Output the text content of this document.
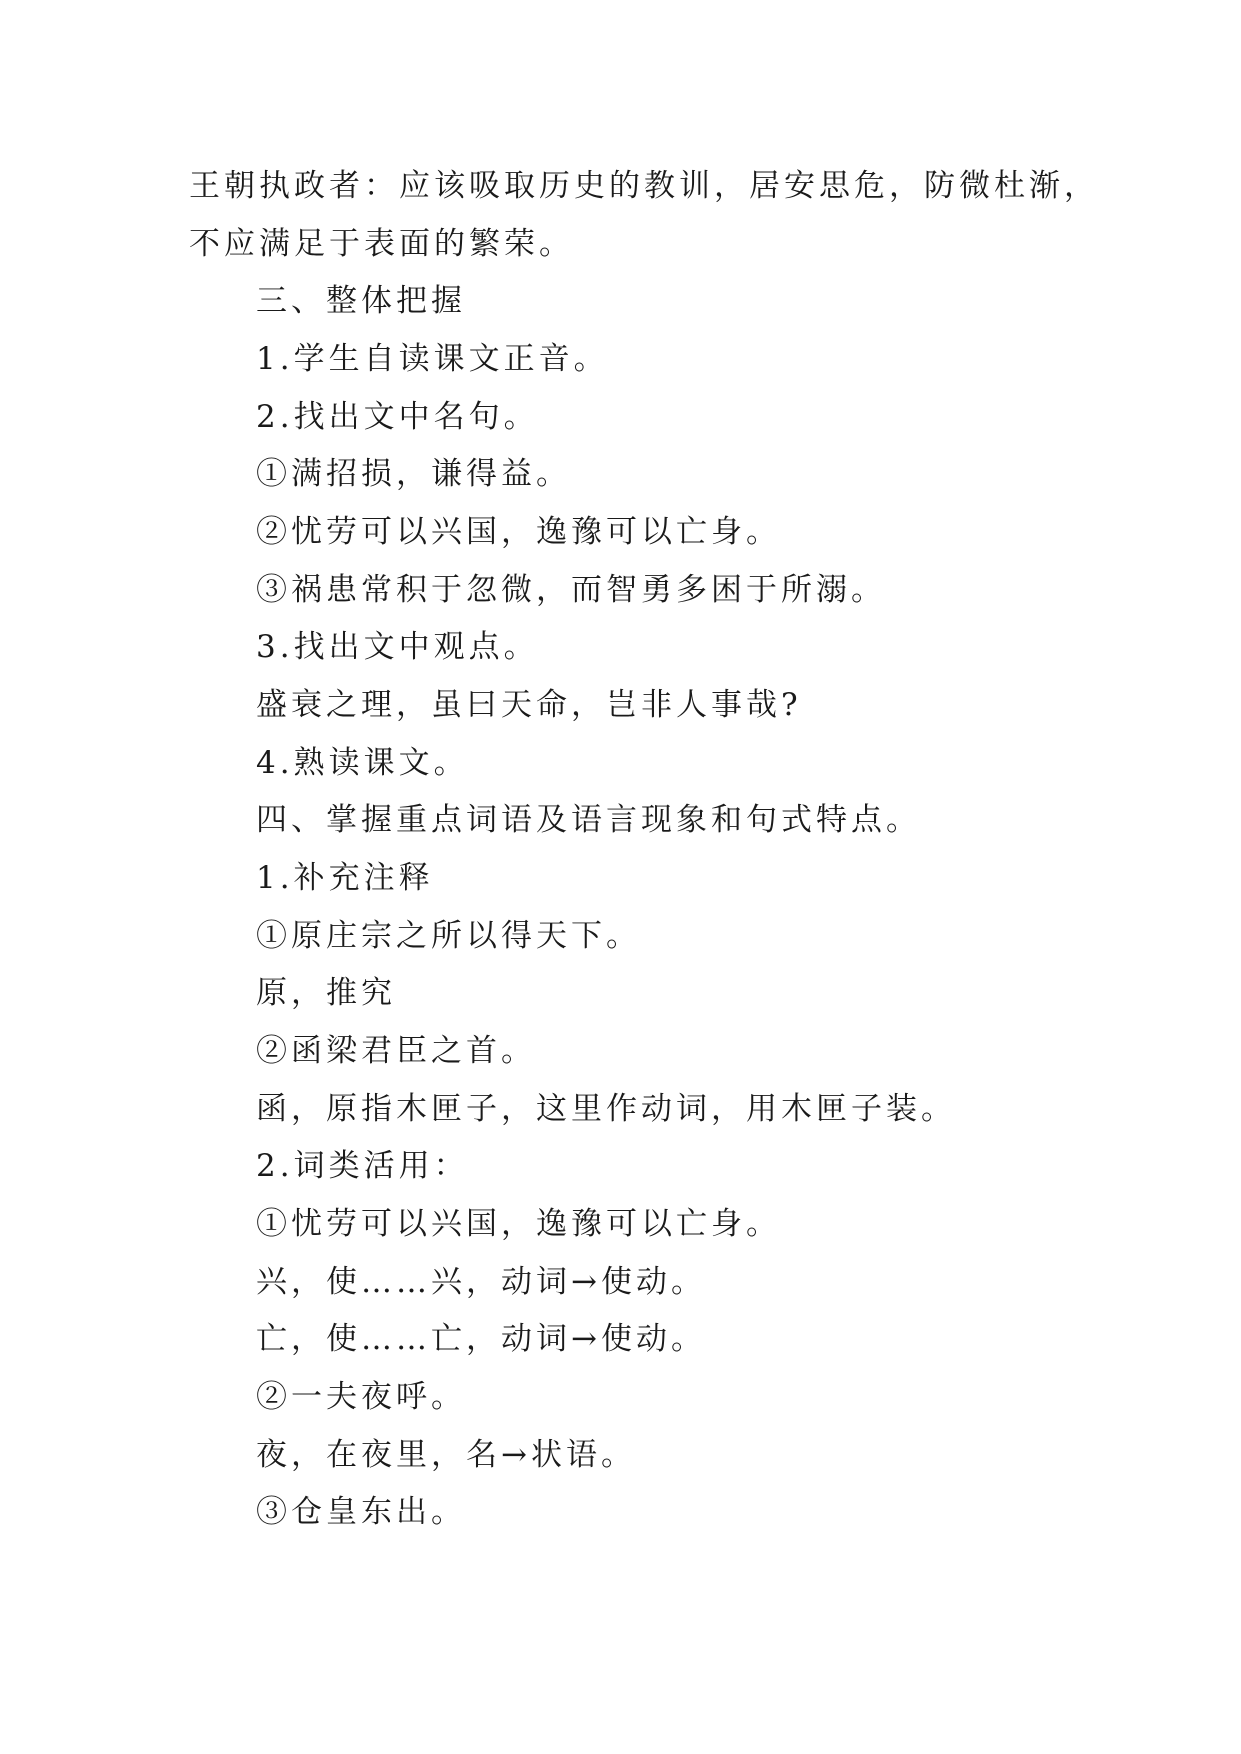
王朝执政者：应该吸取历史的教训，居安思危，防微杜渐，
不应满足于表面的繁荣。
三、整体把握
1.学生自读课文正音。
2.找出文中名句。
①满招损，谦得益。
②忧劳可以兴国，逸豫可以亡身。
③祸患常积于忽微，而智勇多困于所溺。
3.找出文中观点。
盛衰之理，虽曰天命，岂非人事哉?
4.熟读课文。
四、掌握重点词语及语言现象和句式特点。
1.补充注释
①原庄宗之所以得天下。
原，推究
②函梁君臣之首。
函，原指木匣子，这里作动词，用木匣子装。
2.词类活用：
①忧劳可以兴国，逸豫可以亡身。
兴，使……兴，动词→使动。
亡，使……亡，动词→使动。
②一夫夜呼。
夜，在夜里，名→状语。
③仓皇东出。
